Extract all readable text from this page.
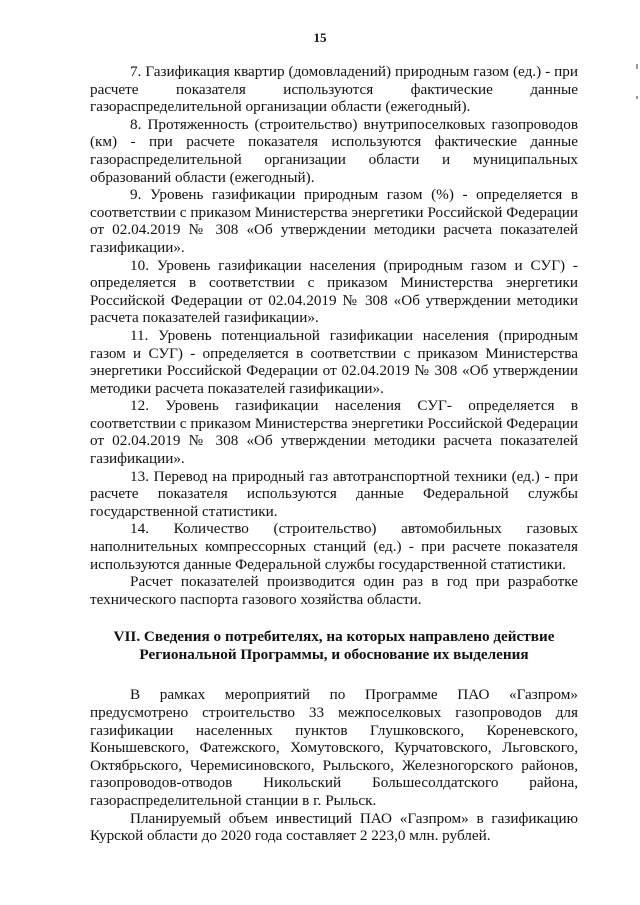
15

7. Газификация квартир (домовладений) природным газом (ед.) - при расчете показателя используются фактические данные газораспределительной организации области (ежегодный).

8. Протяженность (строительство) внутрипоселковых газопроводов (км) - при расчете показателя используются фактические данные газораспределительной организации области и муниципальных образований области (ежегодный).

9. Уровень газификации природным газом (%) - определяется в соответствии с приказом Министерства энергетики Российской Федерации от 02.04.2019 № 308 «Об утверждении методики расчета показателей газификации».

10. Уровень газификации населения (природным газом и СУГ) - определяется в соответствии с приказом Министерства энергетики Российской Федерации от 02.04.2019 № 308 «Об утверждении методики расчета показателей газификации».

11. Уровень потенциальной газификации населения (природным газом и СУГ) - определяется в соответствии с приказом Министерства энергетики Российской Федерации от 02.04.2019 № 308 «Об утверждении методики расчета показателей газификации».

12. Уровень газификации населения СУГ- определяется в соответствии с приказом Министерства энергетики Российской Федерации от 02.04.2019 № 308 «Об утверждении методики расчета показателей газификации».

13. Перевод на природный газ автотранспортной техники (ед.) - при расчете показателя используются данные Федеральной службы государственной статистики.

14. Количество (строительство) автомобильных газовых наполнительных компрессорных станций (ед.) - при расчете показателя используются данные Федеральной службы государственной статистики.

Расчет показателей производится один раз в год при разработке технического паспорта газового хозяйства области.

VII. Сведения о потребителях, на которых направлено действие
Региональной Программы, и обоснование их выделения

В рамках мероприятий по Программе ПАО «Газпром» предусмотрено строительство 33 межпоселковых газопроводов для газификации населенных пунктов Глушковского, Кореневского, Конышевского, Фатежского, Хомутовского, Курчатовского, Льговского, Октябрьского, Черемисиновского, Рыльского, Железногорского районов, газопроводов-отводов Никольский Большесолдатского района, газораспределительной станции в г. Рыльск.

Планируемый объем инвестиций ПАО «Газпром» в газификацию Курской области до 2020 года составляет 2 223,0 млн. рублей.
